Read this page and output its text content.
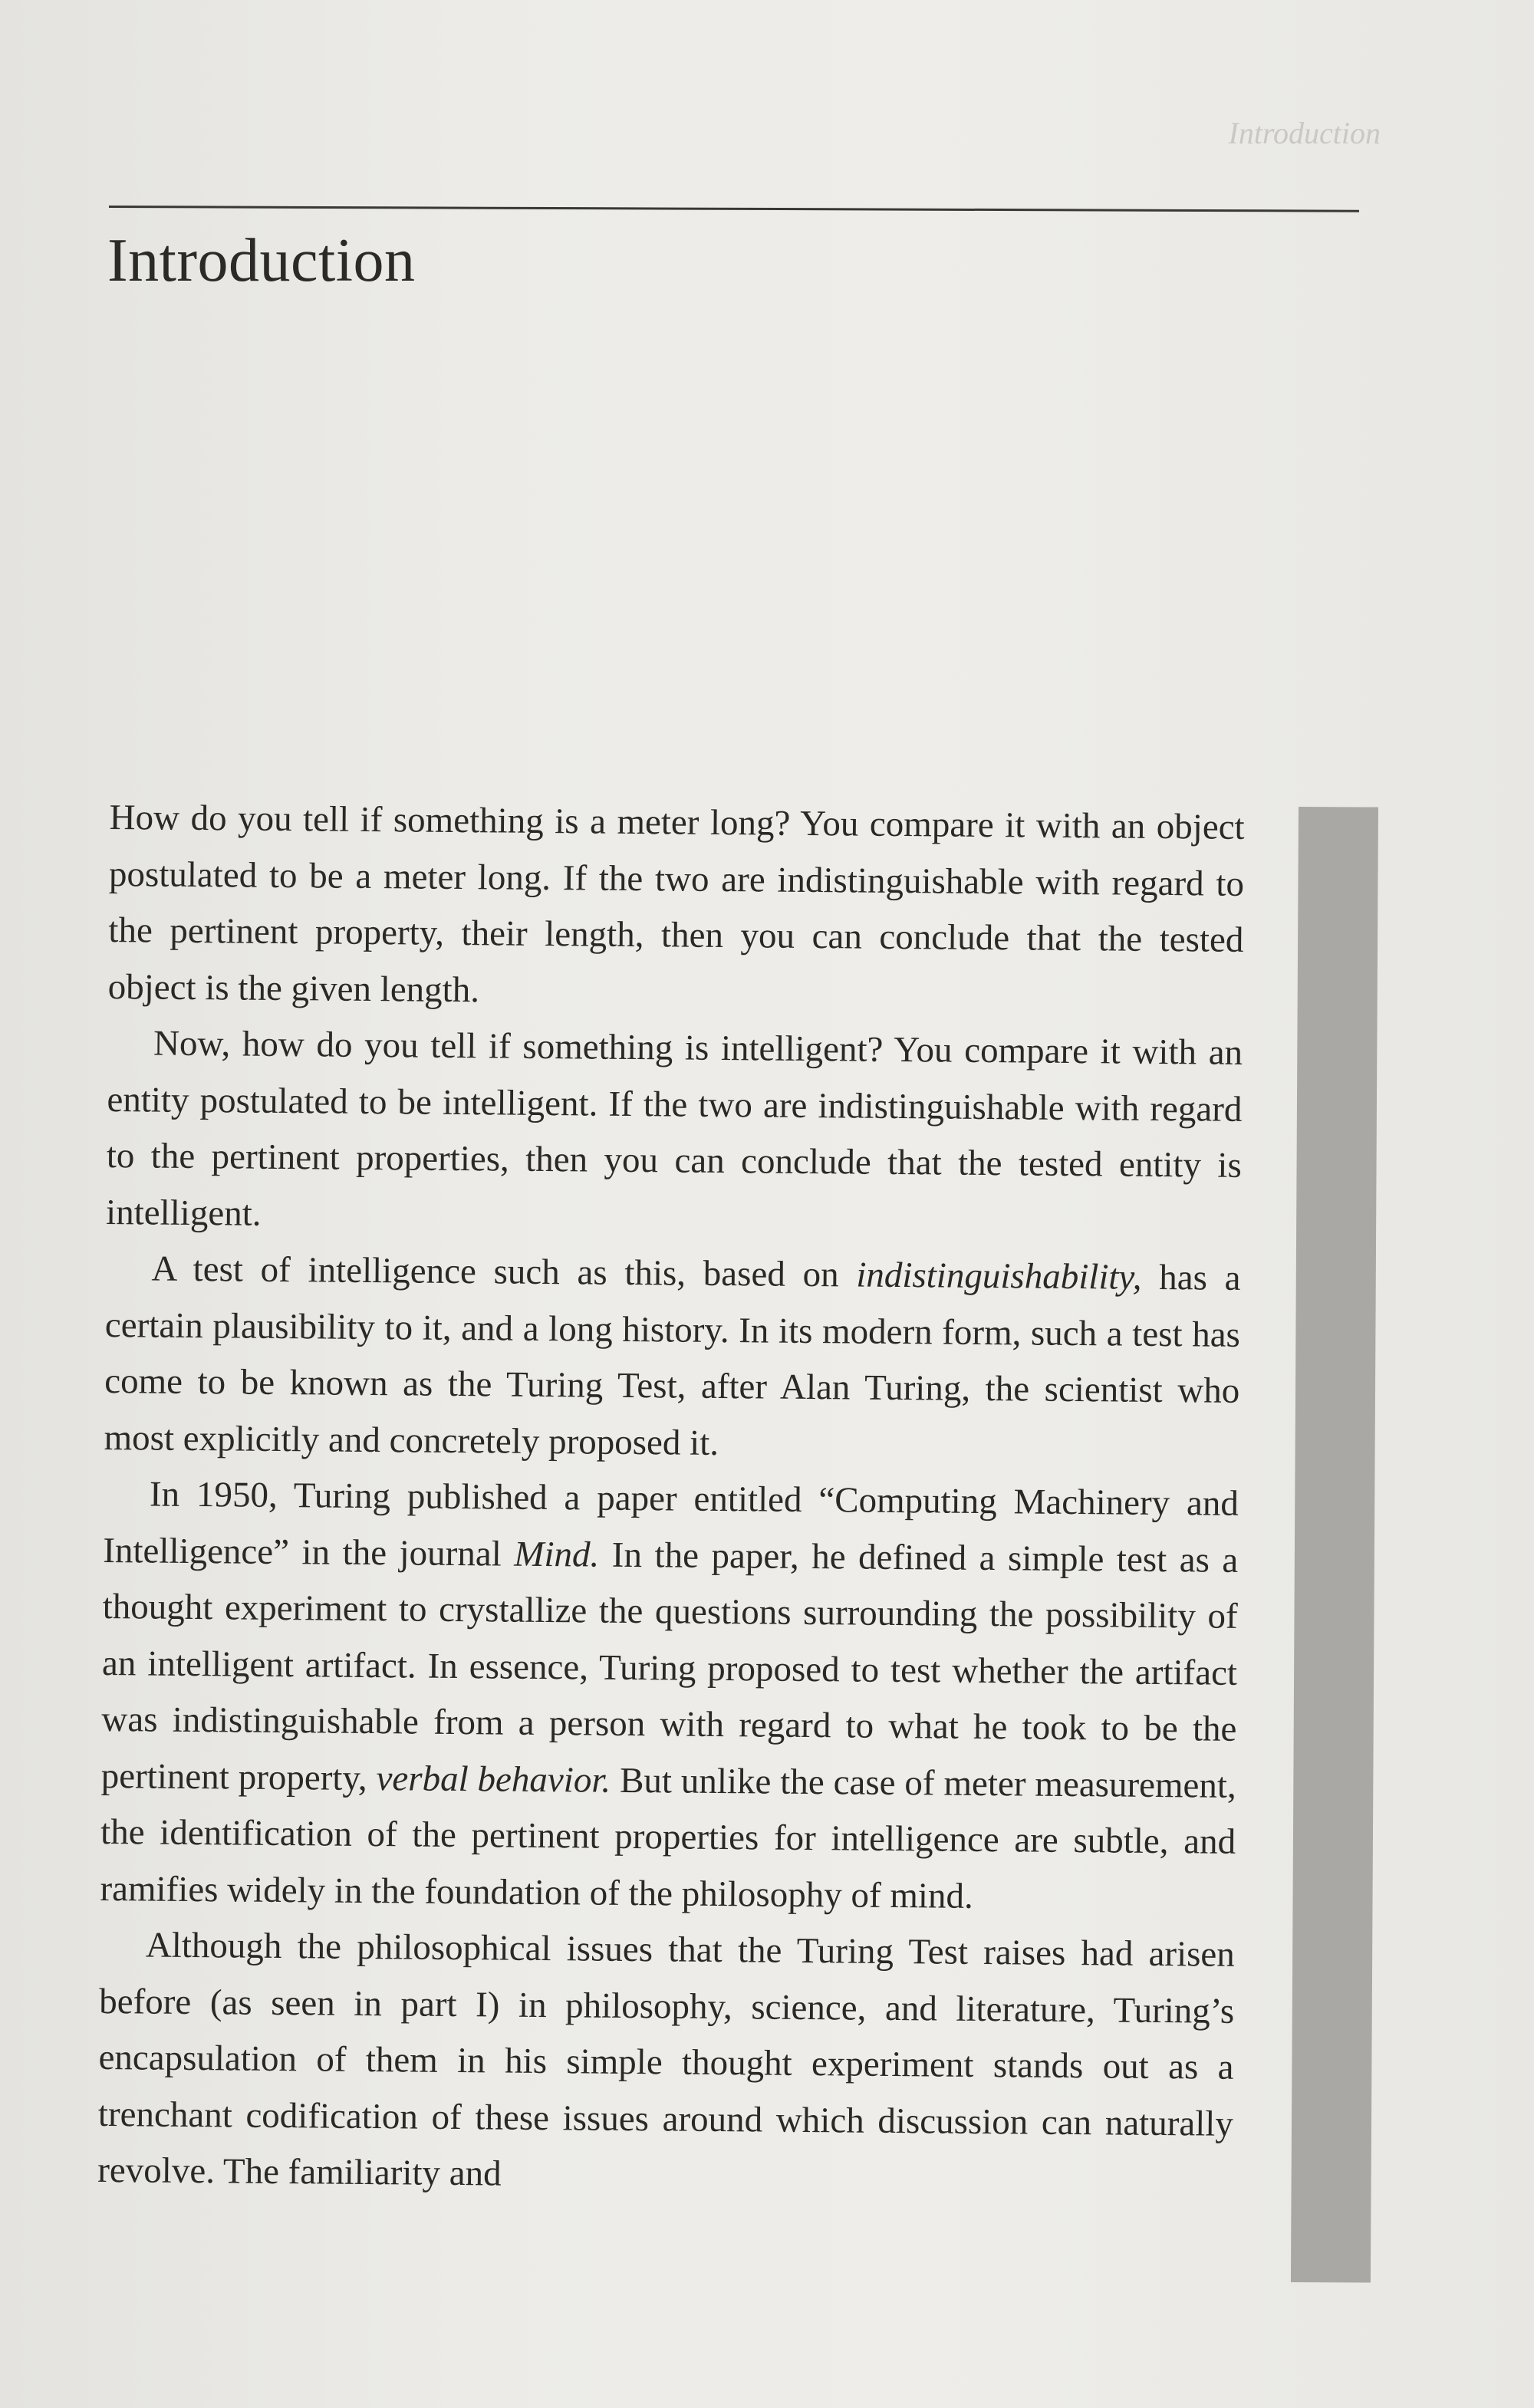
Introduction
Introduction

How do you tell if something is a meter long? You compare it with an object postulated to be a meter long. If the two are indistinguishable with regard to the pertinent property, their length, then you can conclude that the tested object is the given length.

Now, how do you tell if something is intelligent? You compare it with an entity postulated to be intelligent. If the two are indistinguishable with regard to the pertinent properties, then you can conclude that the tested entity is intelligent.

A test of intelligence such as this, based on indistinguishability, has a certain plausibility to it, and a long history. In its modern form, such a test has come to be known as the Turing Test, after Alan Turing, the scientist who most explicitly and concretely proposed it.

In 1950, Turing published a paper entitled “Computing Machinery and Intelligence” in the journal Mind. In the paper, he defined a simple test as a thought experiment to crystallize the questions surrounding the possibility of an intelligent artifact. In essence, Turing proposed to test whether the artifact was indistinguishable from a person with regard to what he took to be the pertinent property, verbal behavior. But unlike the case of meter measurement, the identification of the pertinent properties for intelligence are subtle, and ramifies widely in the foundation of the philosophy of mind.

Although the philosophical issues that the Turing Test raises had arisen before (as seen in part I) in philosophy, science, and literature, Turing’s encapsulation of them in his simple thought experiment stands out as a trenchant codification of these issues around which discussion can naturally revolve. The familiarity and
